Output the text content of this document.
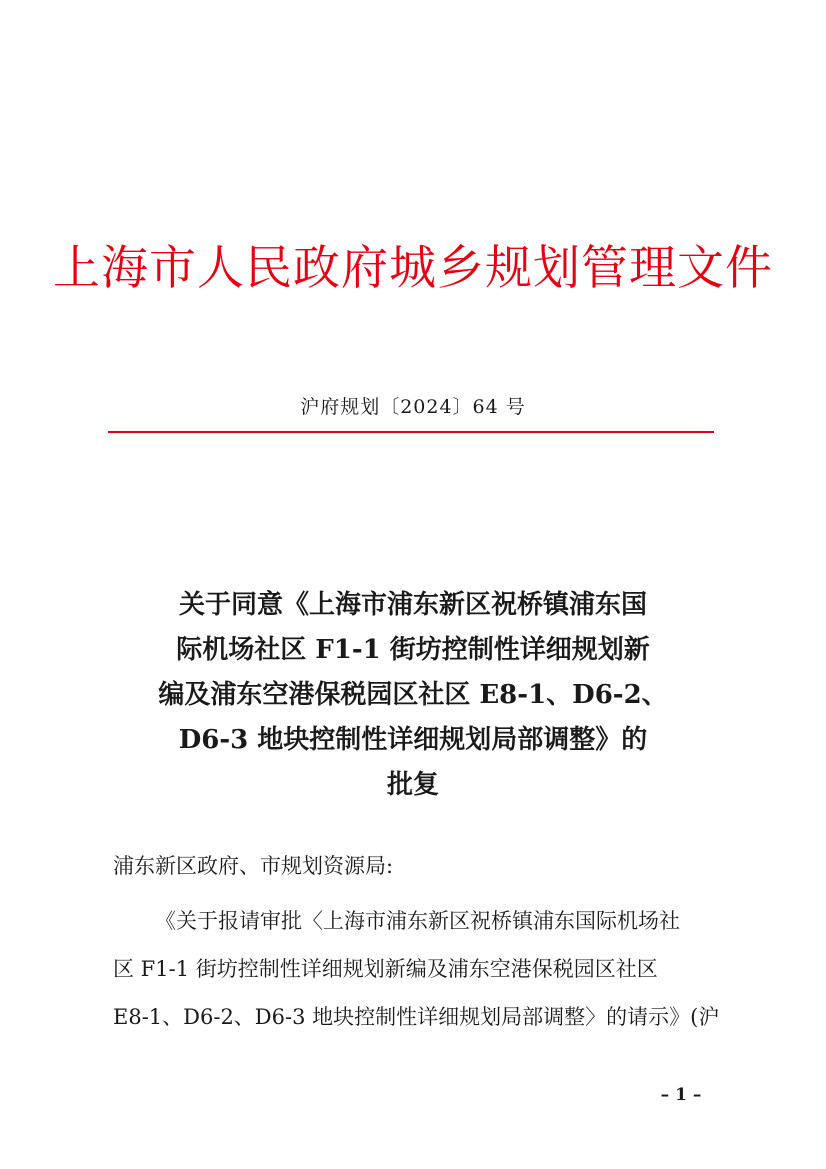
上海市人民政府城乡规划管理文件
沪府规划〔2024〕64 号
关于同意《上海市浦东新区祝桥镇浦东国
际机场社区 F1-1 街坊控制性详细规划新
编及浦东空港保税园区社区 E8-1、D6-2、
D6-3 地块控制性详细规划局部调整》的
批复
浦东新区政府、市规划资源局:
《关于报请审批〈上海市浦东新区祝桥镇浦东国际机场社
区 F1-1 街坊控制性详细规划新编及浦东空港保税园区社区
E8-1、D6-2、D6-3 地块控制性详细规划局部调整〉的请示》(沪
– 1 –
